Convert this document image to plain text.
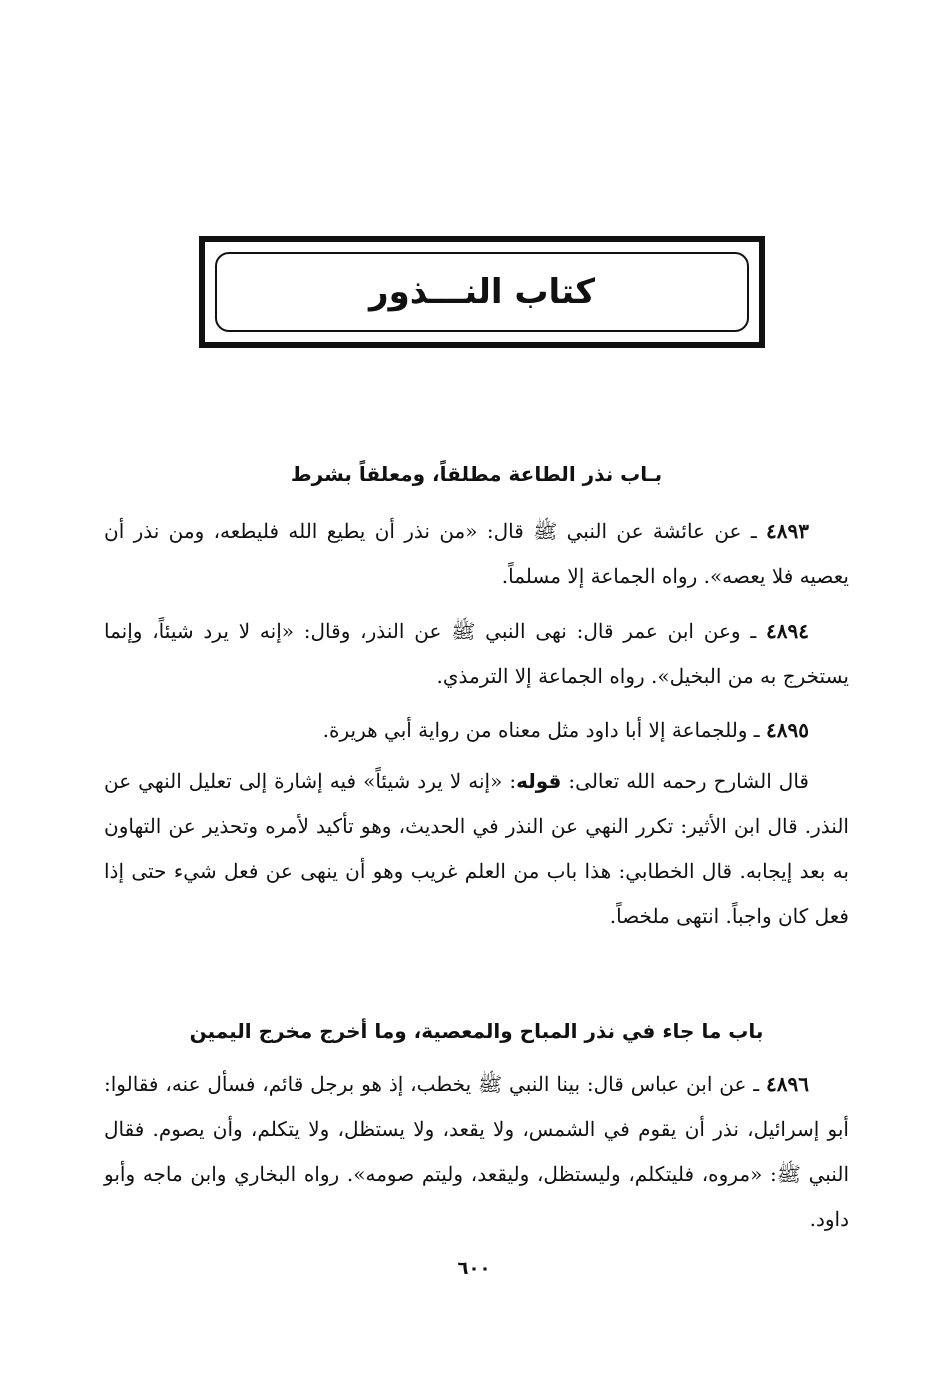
كتاب النـــذور
بـاب نذر الطاعة مطلقاً، ومعلقاً بشرط
٤٨٩٣ ـ عن عائشة عن النبي ﷺ قال: «من نذر أن يطيع الله فليطعه، ومن نذر أن يعصيه فلا يعصه». رواه الجماعة إلا مسلماً.
٤٨٩٤ ـ وعن ابن عمر قال: نهى النبي ﷺ عن النذر، وقال: «إنه لا يرد شيئاً، وإنما يستخرج به من البخيل». رواه الجماعة إلا الترمذي.
٤٨٩٥ ـ وللجماعة إلا أبا داود مثل معناه من رواية أبي هريرة.
قال الشارح رحمه الله تعالى: قوله: «إنه لا يرد شيئاً» فيه إشارة إلى تعليل النهي عن النذر. قال ابن الأثير: تكرر النهي عن النذر في الحديث، وهو تأكيد لأمره وتحذير عن التهاون به بعد إيجابه. قال الخطابي: هذا باب من العلم غريب وهو أن ينهى عن فعل شيء حتى إذا فعل كان واجباً. انتهى ملخصاً.
باب ما جاء في نذر المباح والمعصية، وما أخرج مخرج اليمين
٤٨٩٦ ـ عن ابن عباس قال: بينا النبي ﷺ يخطب، إذ هو برجل قائم، فسأل عنه، فقالوا: أبو إسرائيل، نذر أن يقوم في الشمس، ولا يقعد، ولا يستظل، ولا يتكلم، وأن يصوم. فقال النبي ﷺ: «مروه، فليتكلم، وليستظل، وليقعد، وليتم صومه». رواه البخاري وابن ماجه وأبو داود.
٦٠٠
